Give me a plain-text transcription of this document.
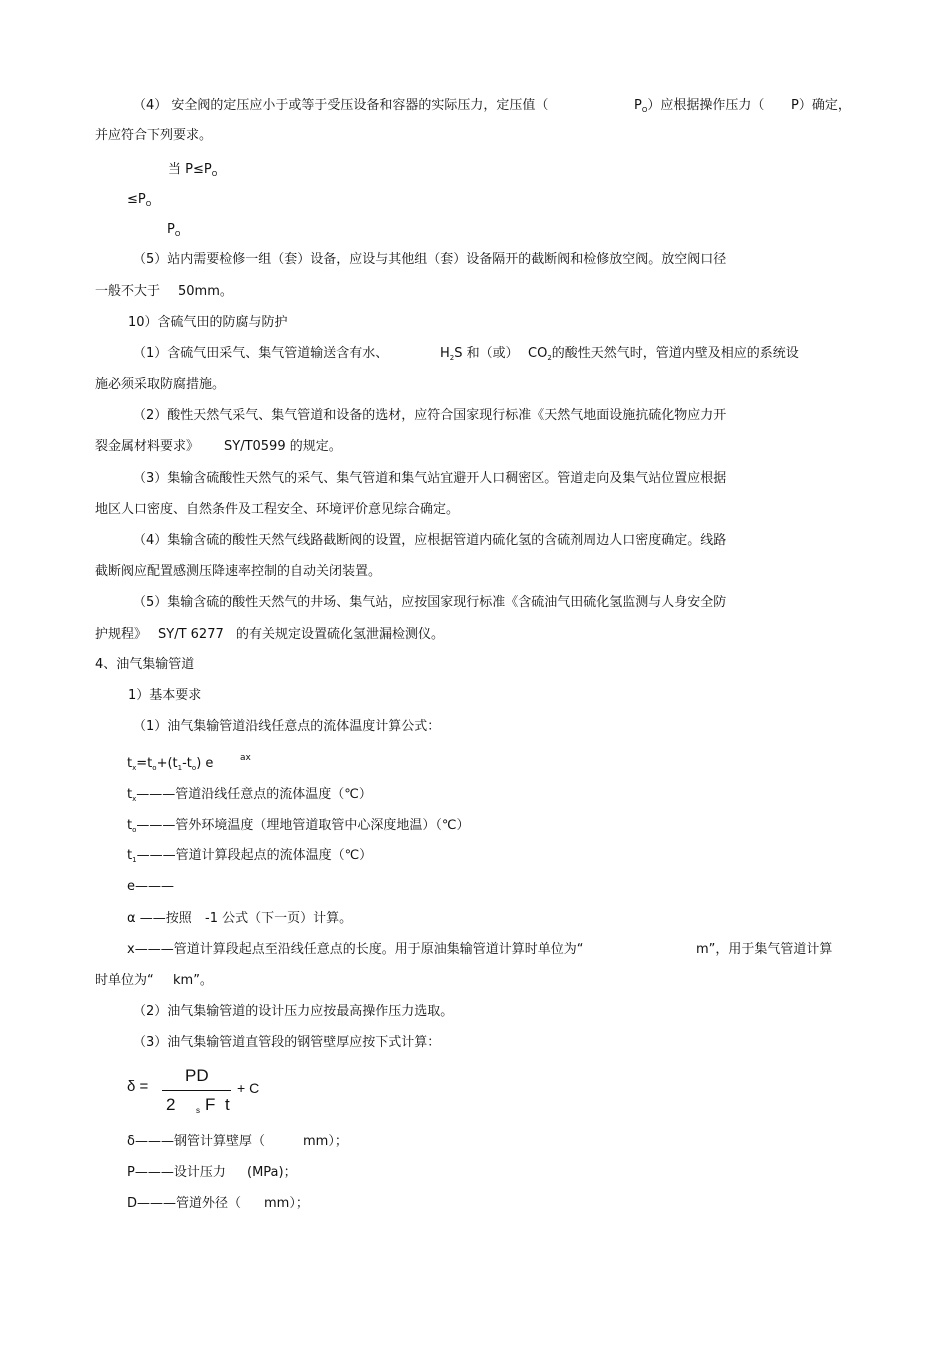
（4） 安全阀的定压应小于或等于受压设备和容器的实际压力，定压值（	$P_O$）应根据操作压力（ P）确定，
并应符合下列要求。
当 $P\le P_O$
$\le P_O$
$P_O$
（5）站内需要检修一组（套）设备，应设与其他组（套）设备隔开的截断阀和检修放空阀。放空阀口径
一般不大于 50mm。
10）含硫气田的防腐与防护
（1）含硫气田采气、集气管道输送含有水、	$H_2S$ 和（或） $CO_2$的酸性天然气时，管道内壁及相应的系统设
施必须采取防腐措施。
（2）酸性天然气采气、集气管道和设备的选材，应符合国家现行标准《天然气地面设施抗硫化物应力开
裂金属材料要求》 SY/T0599 的规定。
（3）集输含硫酸性天然气的采气、集气管道和集气站宜避开人口稠密区。管道走向及集气站位置应根据
地区人口密度、自然条件及工程安全、环境评价意见综合确定。
（4）集输含硫的酸性天然气线路截断阀的设置，应根据管道内硫化氢的含硫剂周边人口密度确定。线路
截断阀应配置感测压降速率控制的自动关闭装置。
（5）集输含硫的酸性天然气的井场、集气站，应按国家现行标准《含硫油气田硫化氢监测与人身安全防
护规程》 SY/T 6277 的有关规定设置硫化氢泄漏检测仪。
4、油气集输管道
1）基本要求
（1）油气集输管道沿线任意点的流体温度计算公式：
$t_x=t_o+(t_1-t_o)$ e	ax
$t_x———$管道沿线任意点的流体温度（℃）
$t_o———$管外环境温度（埋地管道取管中心深度地温）（℃）
$t_1———$管道计算段起点的流体温度（℃）
e———
α ——按照 -1 公式（下一页）计算。
x———管道计算段起点至沿线任意点的长度。用于原油集输管道计算时单位为“	m”，用于集气管道计算
时单位为“ km”。
（2）油气集输管道的设计压力应按最高操作压力选取。
（3）油气集输管道直管段的钢管壁厚应按下式计算：
δ =
PD
2	s F t
+ C
δ———钢管计算壁厚（	mm）；
P———设计压力 (MPa)；
D———管道外径（ mm）；
